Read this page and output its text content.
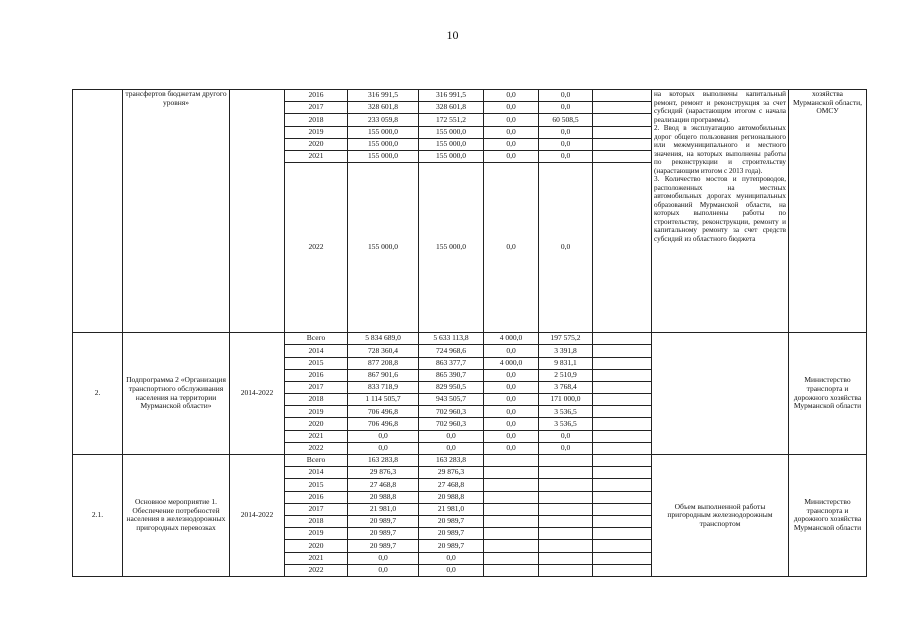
10
	трансфертов бюджетам другого уровня»		2016	316 991,5	316 991,5	0,0	0,0		на которых выполнены капитальный ремонт, ремонт и реконструкция за счет субсидий (нарастающим итогом с начала реализации программы).
2. Ввод в эксплуатацию автомобильных дорог общего пользования регионального или межмуниципального и местного значения, на которых выполнены работы по реконструкции и строительству (нарастающим итогом с 2013 года).
3. Количество мостов и путепроводов, расположенных на местных автомобильных дорогах муниципальных образований Мурманской области, на которых выполнены работы по строительству, реконструкции, ремонту и капитальному ремонту за счет средств субсидий из областного бюджета	хозяйства Мурманской области, ОМСУ
			2017	328 601,8	328 601,8	0,0	0,0			
			2018	233 059,8	172 551,2	0,0	60 508,5			
			2019	155 000,0	155 000,0	0,0	0,0			
			2020	155 000,0	155 000,0	0,0	0,0			
			2021	155 000,0	155 000,0	0,0	0,0			
			2022	155 000,0	155 000,0	0,0	0,0			
2.	Подпрограмма 2 «Организация транспортного обслуживания населения на территории Мурманской области»	2014-2022	Всего	5 834 689,0	5 633 113,8	4 000,0	197 575,2			Министерство транспорта и дорожного хозяйства Мурманской области
			2014	728 360,4	724 968,6	0,0	3 391,8			
			2015	877 208,8	863 377,7	4 000,0	9 831,1			
			2016	867 901,6	865 390,7	0,0	2 510,9			
			2017	833 718,9	829 950,5	0,0	3 768,4			
			2018	1 114 505,7	943 505,7	0,0	171 000,0			
			2019	706 496,8	702 960,3	0,0	3 536,5			
			2020	706 496,8	702 960,3	0,0	3 536,5			
			2021	0,0	0,0	0,0	0,0			
			2022	0,0	0,0	0,0	0,0			
2.1.	Основное мероприятие 1. Обеспечение потребностей населения в железнодорожных пригородных перевозках	2014-2022	Всего	163 283,8	163 283,8				Объем выполненной работы пригородным железнодорожным транспортом	Министерство транспорта и дорожного хозяйства Мурманской области
			2014	29 876,3	29 876,3					
			2015	27 468,8	27 468,8					
			2016	20 988,8	20 988,8					
			2017	21 981,0	21 981,0					
			2018	20 989,7	20 989,7					
			2019	20 989,7	20 989,7					
			2020	20 989,7	20 989,7					
			2021	0,0	0,0					
			2022	0,0	0,0					
